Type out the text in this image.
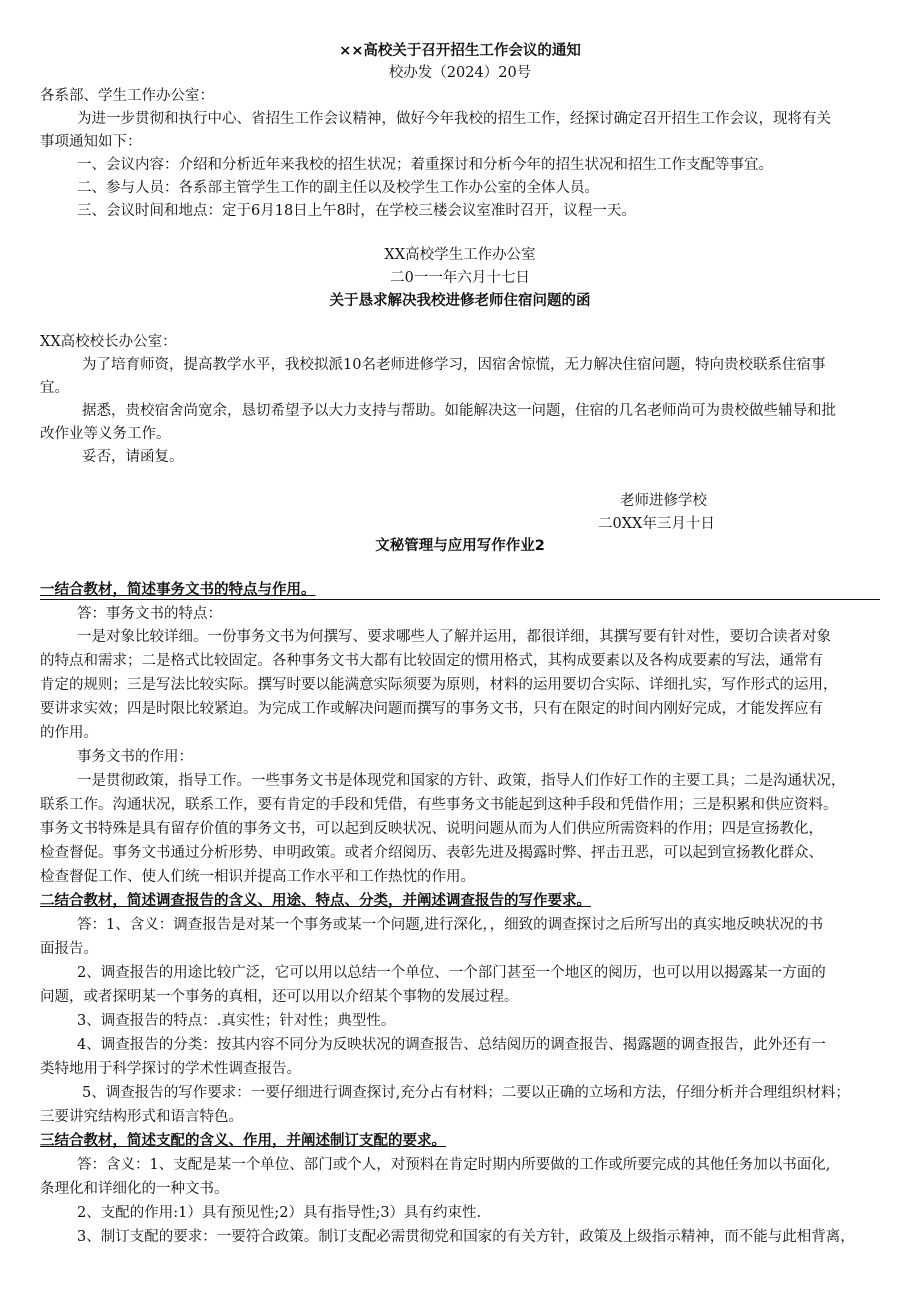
××高校关于召开招生工作会议的通知
校办发（2024）20号
各系部、学生工作办公室：
为进一步贯彻和执行中心、省招生工作会议精神，做好今年我校的招生工作，经探讨确定召开招生工作会议，现将有关
事项通知如下：
一、会议内容：介绍和分析近年来我校的招生状况；着重探讨和分析今年的招生状况和招生工作支配等事宜。
二、参与人员：各系部主管学生工作的副主任以及校学生工作办公室的全体人员。
三、会议时间和地点：定于6月18日上午8时，在学校三楼会议室准时召开，议程一天。
XX高校学生工作办公室
二0一一年六月十七日
关于恳求解决我校进修老师住宿问题的函
XX高校校长办公室：
为了培育师资，提高教学水平，我校拟派10名老师进修学习，因宿舍惊慌，无力解决住宿问题，特向贵校联系住宿事
宜。
据悉，贵校宿舍尚宽余，恳切希望予以大力支持与帮助。如能解决这一问题，住宿的几名老师尚可为贵校做些辅导和批
改作业等义务工作。
妥否，请函复。
老师进修学校
二0XX年三月十日
文秘管理与应用写作作业2
一结合教材，简述事务文书的特点与作用。
答：事务文书的特点：
一是对象比较详细。一份事务文书为何撰写、要求哪些人了解并运用，都很详细，其撰写要有针对性，要切合读者对象
的特点和需求；二是格式比较固定。各种事务文书大都有比较固定的惯用格式，其构成要素以及各构成要素的写法，通常有
肯定的规则；三是写法比较实际。撰写时要以能满意实际须要为原则，材料的运用要切合实际、详细扎实，写作形式的运用，
要讲求实效；四是时限比较紧迫。为完成工作或解决问题而撰写的事务文书，只有在限定的时间内刚好完成，才能发挥应有
的作用。
事务文书的作用：
一是贯彻政策，指导工作。一些事务文书是体现党和国家的方针、政策，指导人们作好工作的主要工具；二是沟通状况，
联系工作。沟通状况，联系工作，要有肯定的手段和凭借，有些事务文书能起到这种手段和凭借作用；三是积累和供应资料。
事务文书特殊是具有留存价值的事务文书，可以起到反映状况、说明问题从而为人们供应所需资料的作用；四是宣扬教化，
检查督促。事务文书通过分析形势、申明政策。或者介绍阅历、表彰先进及揭露时弊、抨击丑恶，可以起到宣扬教化群众、
检查督促工作、使人们统一相识并提高工作水平和工作热忱的作用。
二结合教材，简述调查报告的含义、用途、特点、分类，并阐述调查报告的写作要求。
答：1、含义：调查报告是对某一个事务或某一个问题,进行深化，，细致的调查探讨之后所写出的真实地反映状况的书
面报告。
2、调查报告的用途比较广泛，它可以用以总结一个单位、一个部门甚至一个地区的阅历，也可以用以揭露某一方面的
问题，或者探明某一个事务的真相，还可以用以介绍某个事物的发展过程。
3、调查报告的特点：.真实性；针对性；典型性。
4、调查报告的分类：按其内容不同分为反映状况的调查报告、总结阅历的调查报告、揭露题的调查报告，此外还有一
类特地用于科学探讨的学术性调查报告。
5、调查报告的写作要求：一要仔细进行调查探讨,充分占有材料；二要以正确的立场和方法，仔细分析并合理组织材料；
三要讲究结构形式和语言特色。
三结合教材，简述支配的含义、作用，并阐述制订支配的要求。
答：含义：1、支配是某一个单位、部门或个人，对预料在肯定时期内所要做的工作或所要完成的其他任务加以书面化,
条理化和详细化的一种文书。
2、支配的作用:1）具有预见性;2）具有指导性;3）具有约束性.
3、制订支配的要求：一要符合政策。制订支配必需贯彻党和国家的有关方针，政策及上级指示精神，而不能与此相背离，
